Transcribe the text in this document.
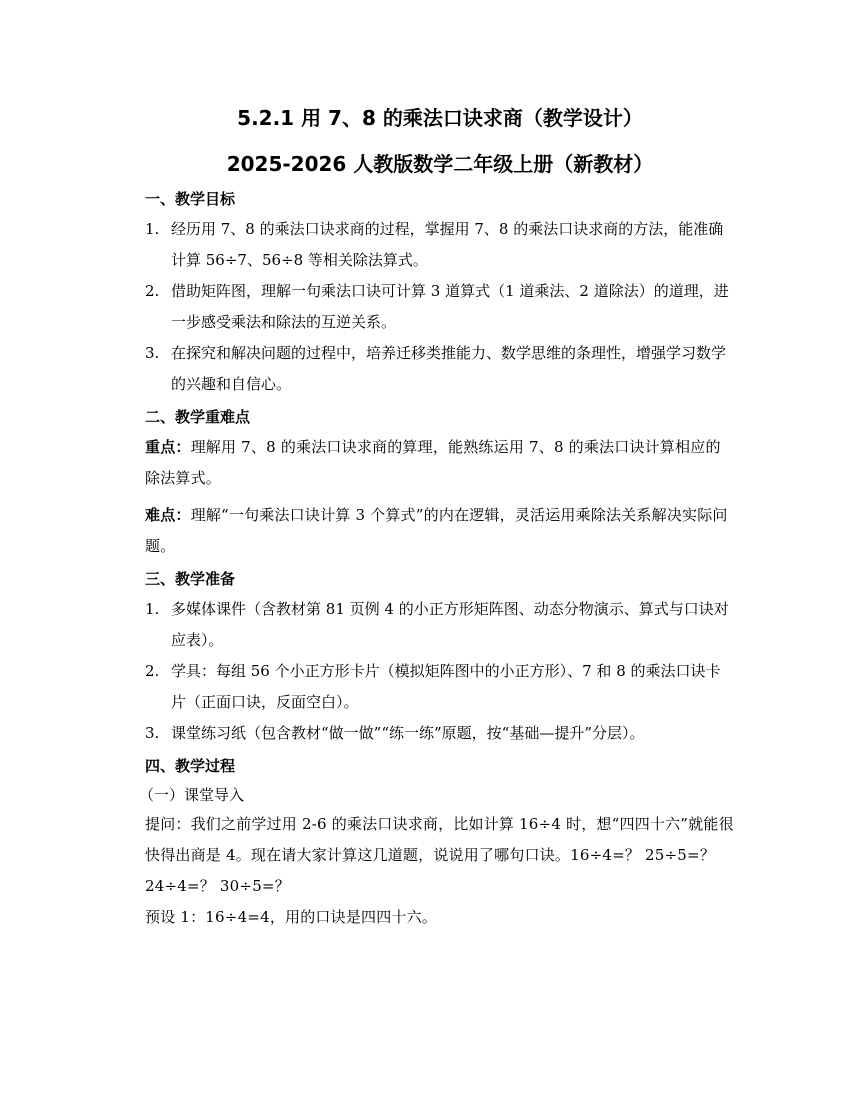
5.2.1 用 7、8 的乘法口诀求商（教学设计）
2025-2026 人教版数学二年级上册（新教材）
一、教学目标
1. 经历用 7、8 的乘法口诀求商的过程，掌握用 7、8 的乘法口诀求商的方法，能准确计算 56÷7、56÷8 等相关除法算式。
2. 借助矩阵图，理解一句乘法口诀可计算 3 道算式（1 道乘法、2 道除法）的道理，进一步感受乘法和除法的互逆关系。
3. 在探究和解决问题的过程中，培养迁移类推能力、数学思维的条理性，增强学习数学的兴趣和自信心。
二、教学重难点

重点：理解用 7、8 的乘法口诀求商的算理，能熟练运用 7、8 的乘法口诀计算相应的除法算式。

难点：理解“一句乘法口诀计算 3 个算式”的内在逻辑，灵活运用乘除法关系解决实际问题。

三、教学准备
1. 多媒体课件（含教材第 81 页例 4 的小正方形矩阵图、动态分物演示、算式与口诀对应表）。
2. 学具：每组 56 个小正方形卡片（模拟矩阵图中的小正方形）、7 和 8 的乘法口诀卡片（正面口诀，反面空白）。
3. 课堂练习纸（包含教材“做一做”“练一练”原题，按“基础—提升”分层）。
四、教学过程

（一）课堂导入

提问：我们之前学过用 2-6 的乘法口诀求商，比如计算 16÷4 时，想“四四十六”就能很快得出商是 4。现在请大家计算这几道题，说说用了哪句口诀。16÷4=？ 25÷5=？ 24÷4=？ 30÷5=？

预设 1：16÷4=4，用的口诀是四四十六。
